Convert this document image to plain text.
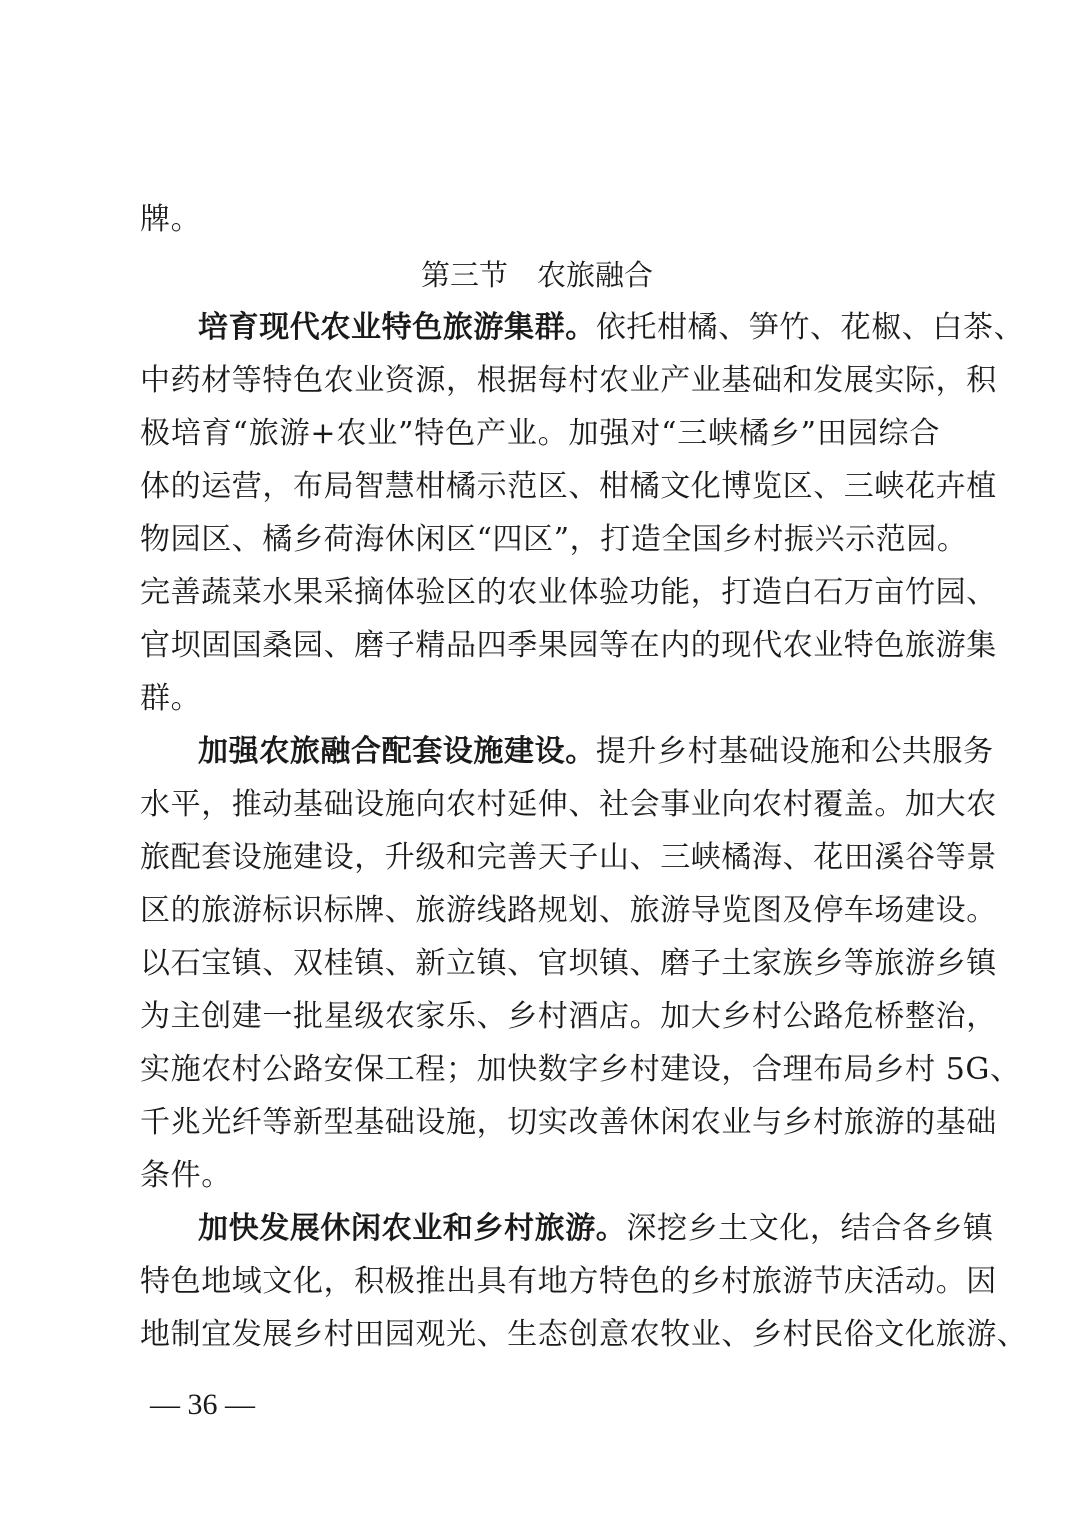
牌。
第三节　农旅融合
培育现代农业特色旅游集群。依托柑橘、笋竹、花椒、白茶、
中药材等特色农业资源，根据每村农业产业基础和发展实际，积
极培育“旅游+农业”特色产业。加强对“三峡橘乡”田园综合
体的运营，布局智慧柑橘示范区、柑橘文化博览区、三峡花卉植
物园区、橘乡荷海休闲区“四区”，打造全国乡村振兴示范园。
完善蔬菜水果采摘体验区的农业体验功能，打造白石万亩竹园、
官坝固国桑园、磨子精品四季果园等在内的现代农业特色旅游集
群。
加强农旅融合配套设施建设。提升乡村基础设施和公共服务
水平，推动基础设施向农村延伸、社会事业向农村覆盖。加大农
旅配套设施建设，升级和完善天子山、三峡橘海、花田溪谷等景
区的旅游标识标牌、旅游线路规划、旅游导览图及停车场建设。
以石宝镇、双桂镇、新立镇、官坝镇、磨子土家族乡等旅游乡镇
为主创建一批星级农家乐、乡村酒店。加大乡村公路危桥整治，
实施农村公路安保工程；加快数字乡村建设，合理布局乡村 5G、
千兆光纤等新型基础设施，切实改善休闲农业与乡村旅游的基础
条件。
加快发展休闲农业和乡村旅游。深挖乡土文化，结合各乡镇
特色地域文化，积极推出具有地方特色的乡村旅游节庆活动。因
地制宜发展乡村田园观光、生态创意农牧业、乡村民俗文化旅游、
— 36 —
